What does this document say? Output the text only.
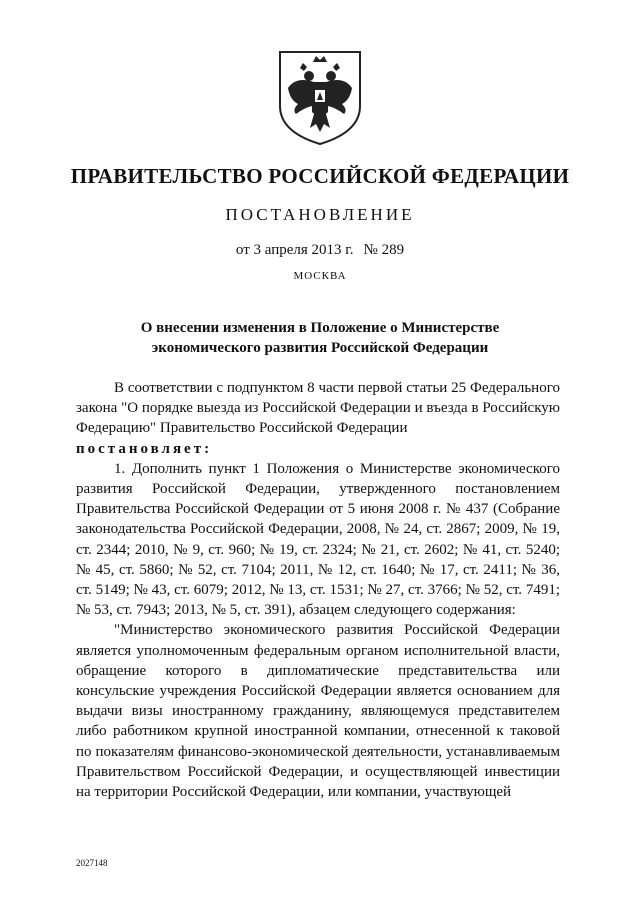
ПРАВИТЕЛЬСТВО РОССИЙСКОЙ ФЕДЕРАЦИИ
ПОСТАНОВЛЕНИЕ
от 3 апреля 2013 г. № 289
МОСКВА
О внесении изменения в Положение о Министерстве
экономического развития Российской Федерации

В соответствии с подпунктом 8 части первой статьи 25 Федерального закона "О порядке выезда из Российской Федерации и въезда в Российскую Федерацию" Правительство Российской Федерации

постановляет:

1. Дополнить пункт 1 Положения о Министерстве экономического развития Российской Федерации, утвержденного постановлением Правительства Российской Федерации от 5 июня 2008 г. № 437 (Собрание законодательства Российской Федерации, 2008, № 24, ст. 2867; 2009, № 19, ст. 2344; 2010, № 9, ст. 960; № 19, ст. 2324; № 21, ст. 2602; № 41, ст. 5240; № 45, ст. 5860; № 52, ст. 7104; 2011, № 12, ст. 1640; № 17, ст. 2411; № 36, ст. 5149; № 43, ст. 6079; 2012, № 13, ст. 1531; № 27, ст. 3766; № 52, ст. 7491; № 53, ст. 7943; 2013, № 5, ст. 391), абзацем следующего содержания:

"Министерство экономического развития Российской Федерации является уполномоченным федеральным органом исполнительной власти, обращение которого в дипломатические представительства или консульские учреждения Российской Федерации является основанием для выдачи визы иностранному гражданину, являющемуся представителем либо работником крупной иностранной компании, отнесенной к таковой по показателям финансово-экономической деятельности, устанавливаемым Правительством Российской Федерации, и осуществляющей инвестиции на территории Российской Федерации, или компании, участвующей

2027148
